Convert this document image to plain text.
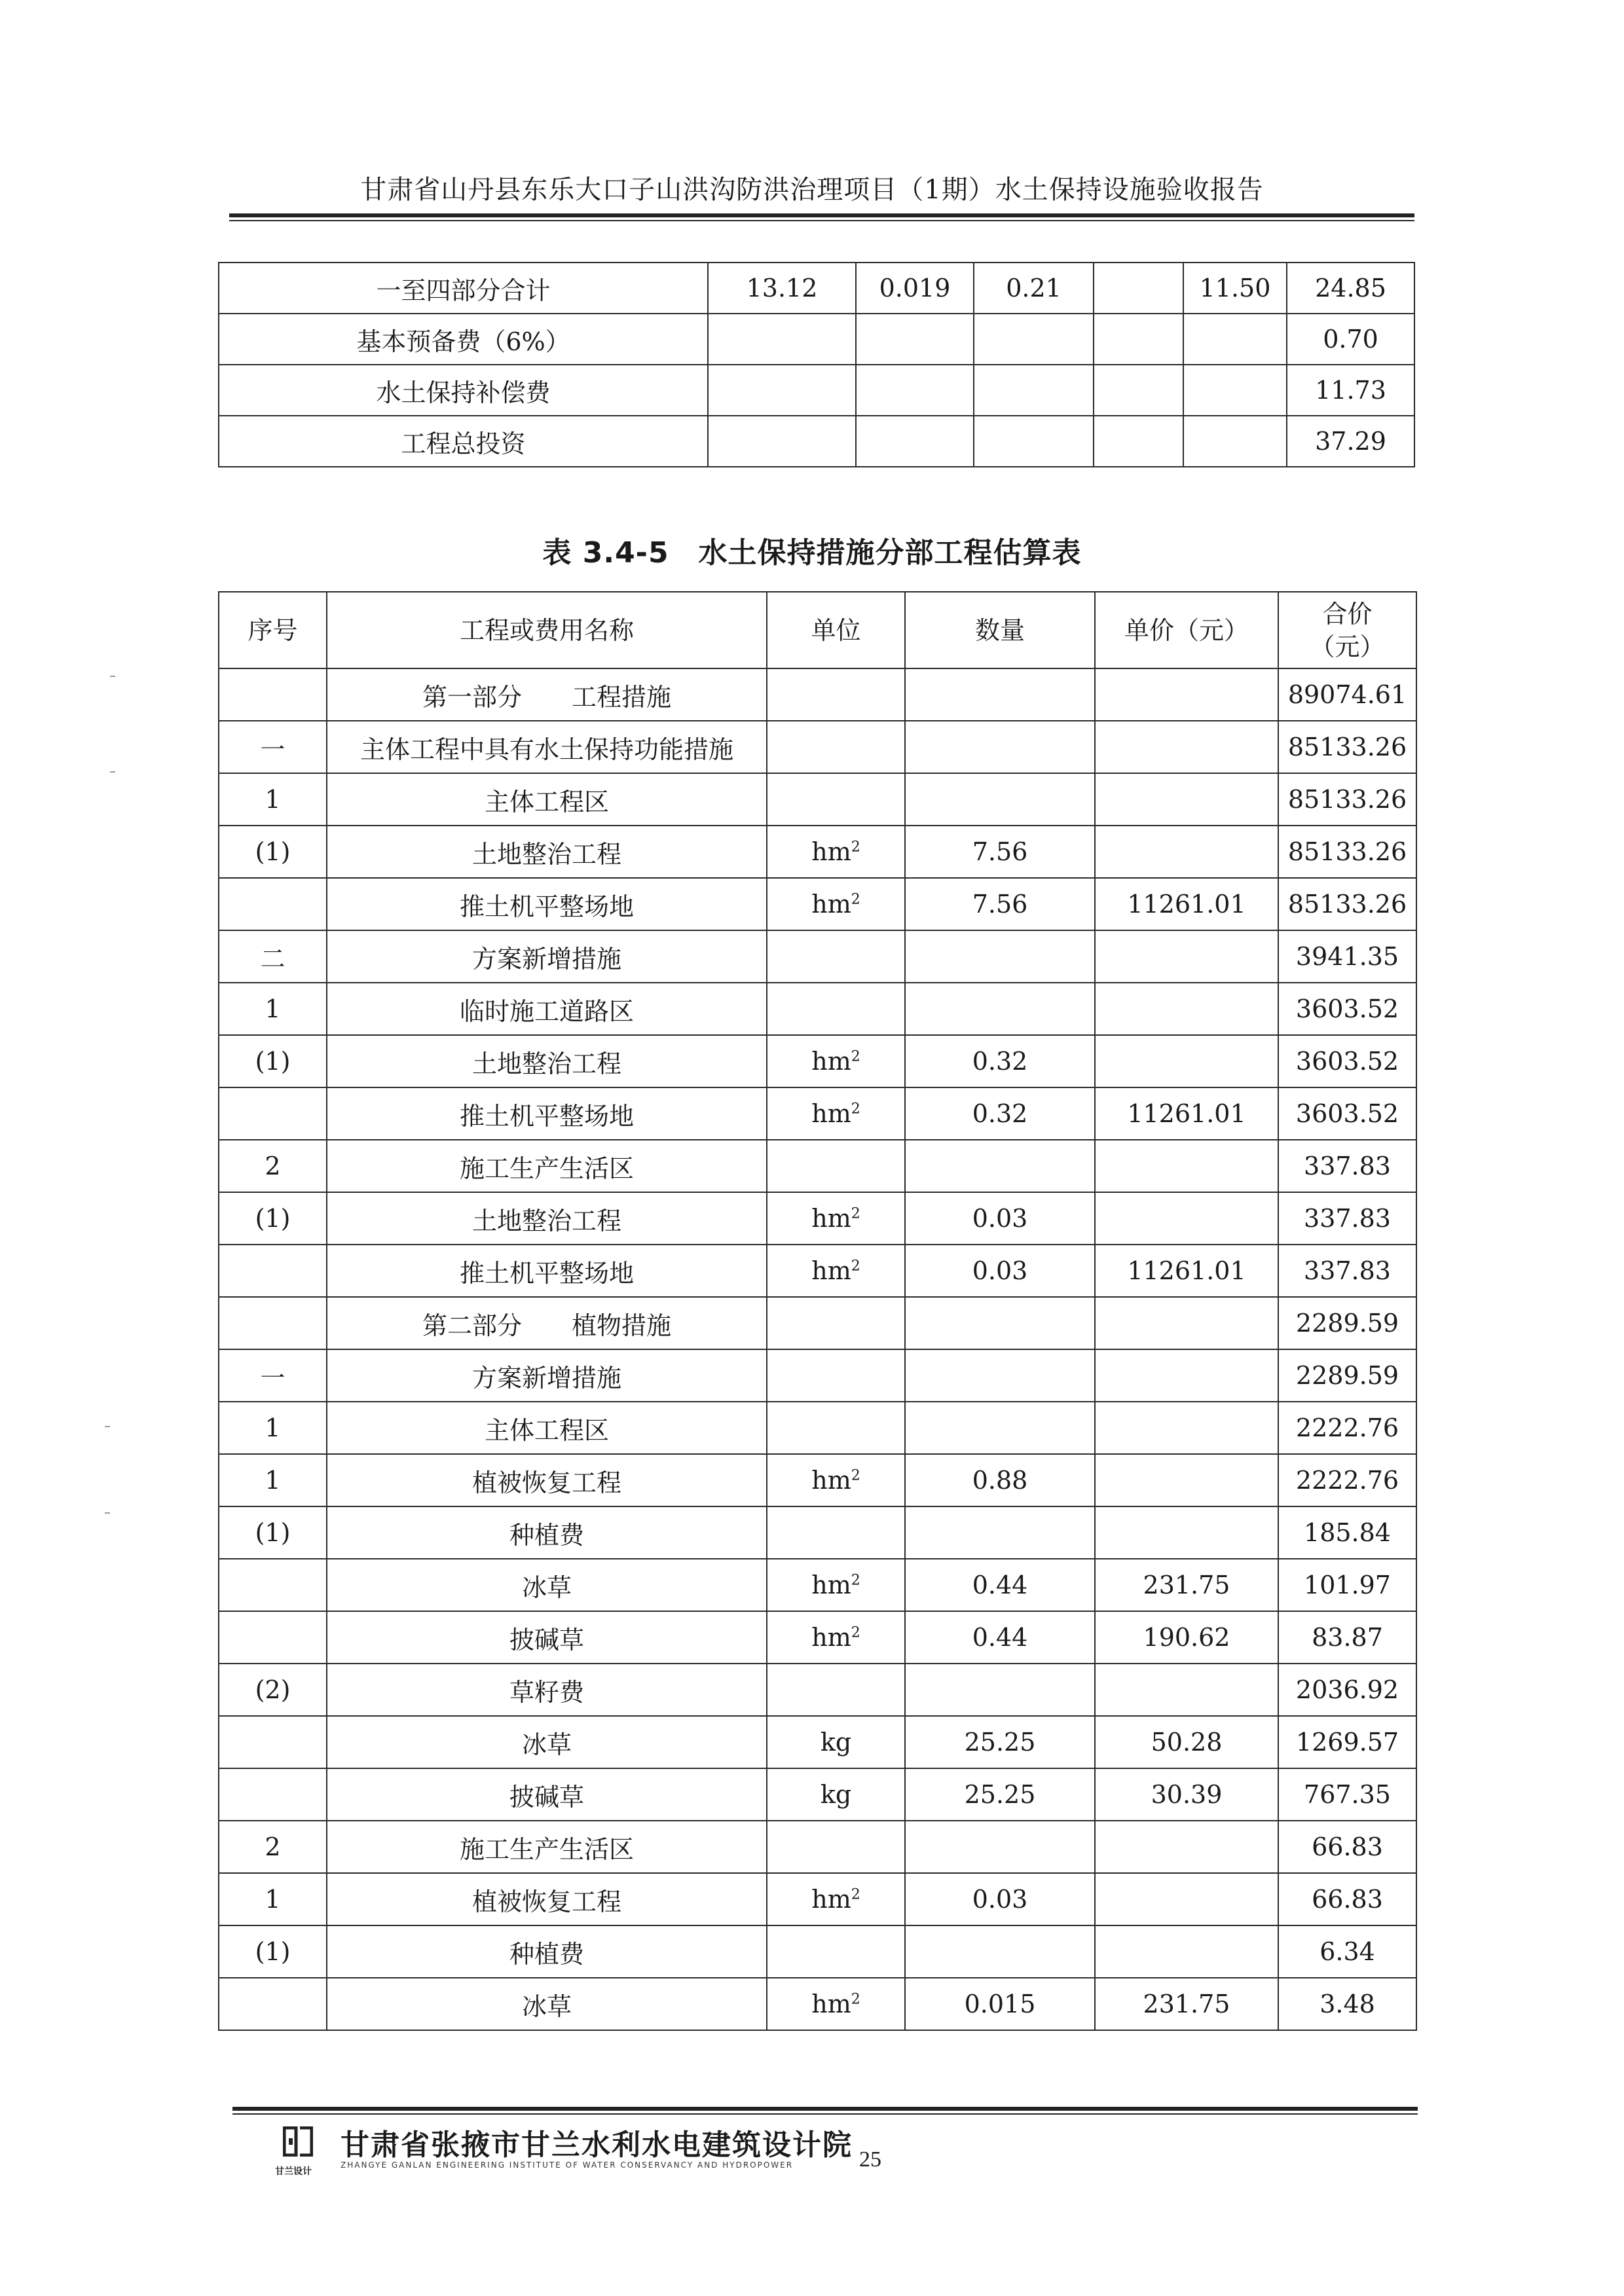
甘肃省山丹县东乐大口子山洪沟防洪治理项目（1期）水土保持设施验收报告
一至四部分合计	13.12	0.019	0.21		11.50	24.85
基本预备费（6%）						0.70
水土保持补偿费						11.73
工程总投资						37.29
表 3.4-5　水土保持措施分部工程估算表
序号	工程或费用名称	单位	数量	单价（元）	合价
（元）
	第一部分　　工程措施				89074.61
一	主体工程中具有水土保持功能措施				85133.26
1	主体工程区				85133.26
(1)	土地整治工程	$hm^2$	7.56		85133.26
	推土机平整场地	$hm^2$	7.56	11261.01	85133.26
二	方案新增措施				3941.35
1	临时施工道路区				3603.52
(1)	土地整治工程	$hm^2$	0.32		3603.52
	推土机平整场地	$hm^2$	0.32	11261.01	3603.52
2	施工生产生活区				337.83
(1)	土地整治工程	$hm^2$	0.03		337.83
	推土机平整场地	$hm^2$	0.03	11261.01	337.83
	第二部分　　植物措施				2289.59
一	方案新增措施				2289.59
1	主体工程区				2222.76
1	植被恢复工程	$hm^2$	0.88		2222.76
(1)	种植费				185.84
	冰草	$hm^2$	0.44	231.75	101.97
	披碱草	$hm^2$	0.44	190.62	83.87
(2)	草籽费				2036.92
	冰草	kg	25.25	50.28	1269.57
	披碱草	kg	25.25	30.39	767.35
2	施工生产生活区				66.83
1	植被恢复工程	$hm^2$	0.03		66.83
(1)	种植费				6.34
	冰草	$hm^2$	0.015	231.75	3.48
甘兰设计
甘肃省张掖市甘兰水利水电建筑设计院
ZHANGYE GANLAN ENGINEERING INSTITUTE OF WATER CONSERVANCY AND HYDROPOWER	25
